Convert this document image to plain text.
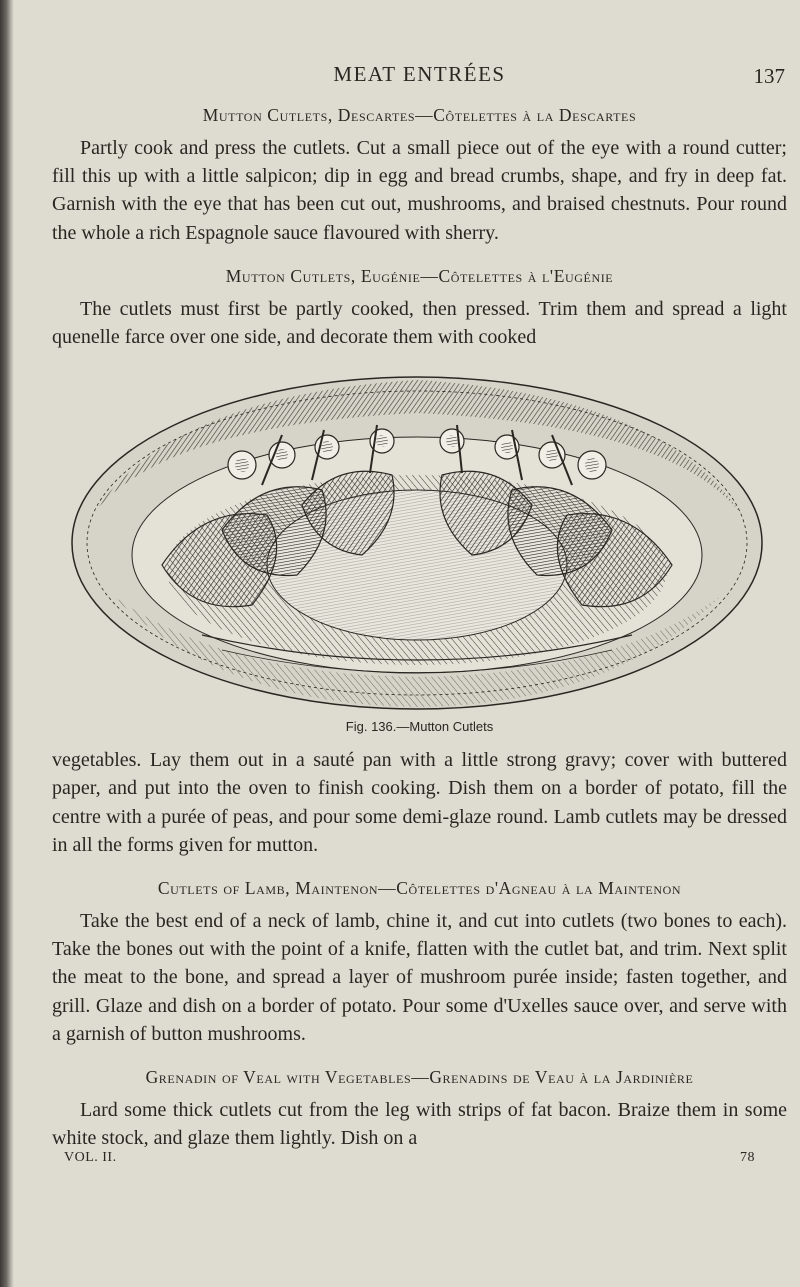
MEAT ENTRÉES	137
Mutton Cutlets, Descartes—Côtelettes à la Descartes

Partly cook and press the cutlets. Cut a small piece out of the eye with a round cutter; fill this up with a little salpicon; dip in egg and bread crumbs, shape, and fry in deep fat. Garnish with the eye that has been cut out, mushrooms, and braised chestnuts. Pour round the whole a rich Espagnole sauce flavoured with sherry.

Mutton Cutlets, Eugénie—Côtelettes à l'Eugénie

The cutlets must first be partly cooked, then pressed. Trim them and spread a light quenelle farce over one side, and decorate them with cooked

Fig. 136.—Mutton Cutlets

vegetables. Lay them out in a sauté pan with a little strong gravy; cover with buttered paper, and put into the oven to finish cooking. Dish them on a border of potato, fill the centre with a purée of peas, and pour some demi-glaze round. Lamb cutlets may be dressed in all the forms given for mutton.

Cutlets of Lamb, Maintenon—Côtelettes d'Agneau à la Maintenon

Take the best end of a neck of lamb, chine it, and cut into cutlets (two bones to each). Take the bones out with the point of a knife, flatten with the cutlet bat, and trim. Next split the meat to the bone, and spread a layer of mushroom purée inside; fasten together, and grill. Glaze and dish on a border of potato. Pour some d'Uxelles sauce over, and serve with a garnish of button mushrooms.

Grenadin of Veal with Vegetables—Grenadins de Veau à la Jardinière

Lard some thick cutlets cut from the leg with strips of fat bacon. Braize them in some white stock, and glaze them lightly. Dish on a

VOL. II.	78
